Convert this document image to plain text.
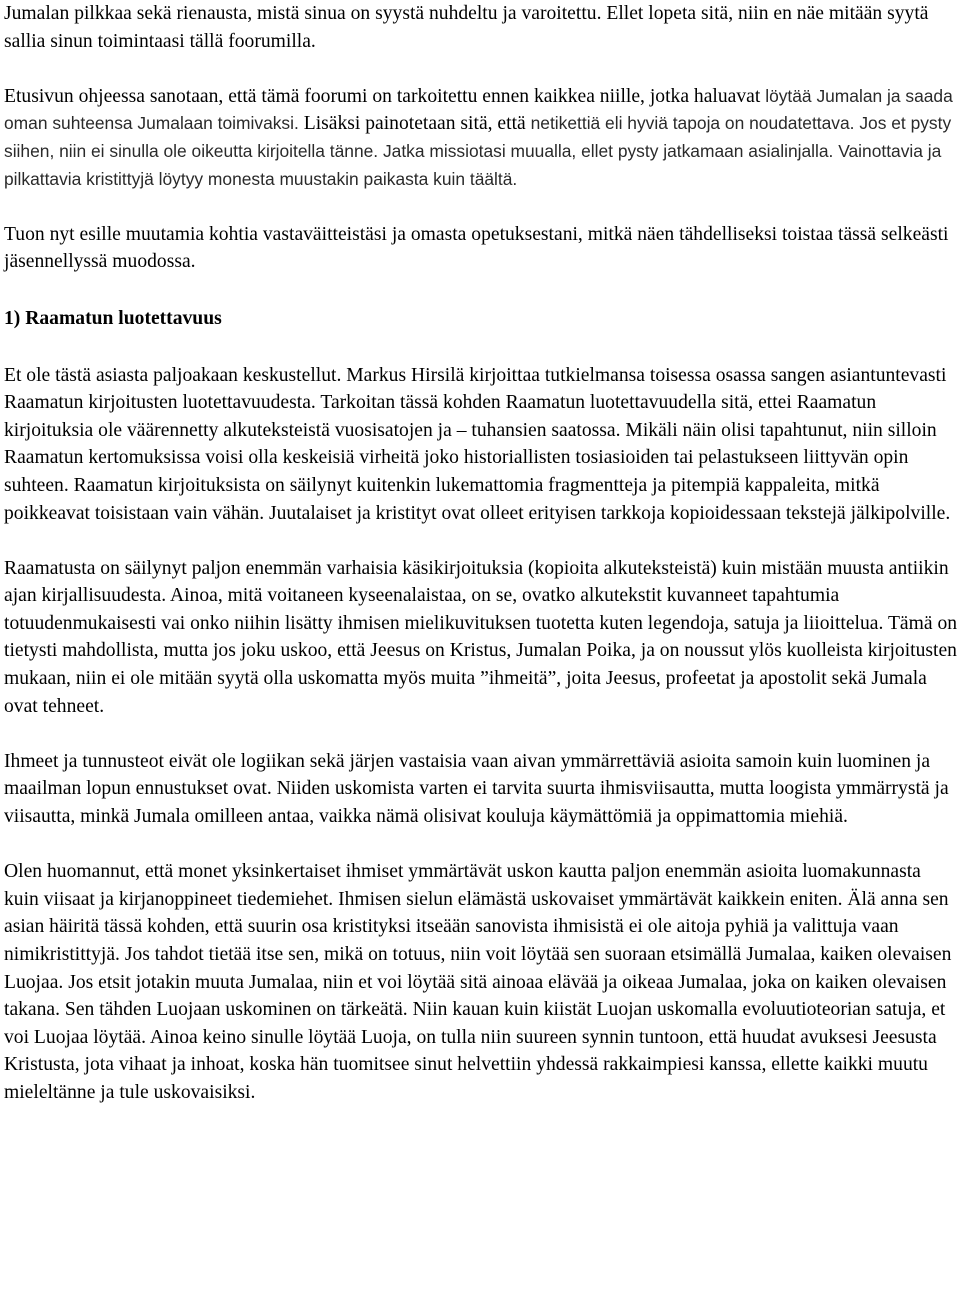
Jumalan pilkkaa sekä rienausta, mistä sinua on syystä nuhdeltu ja varoitettu. Ellet lopeta sitä, niin en näe mitään syytä sallia sinun toimintaasi tällä foorumilla.

Etusivun ohjeessa sanotaan, että tämä foorumi on tarkoitettu ennen kaikkea niille, jotka haluavat löytää Jumalan ja saada oman suhteensa Jumalaan toimivaksi. Lisäksi painotetaan sitä, että netikettiä eli hyviä tapoja on noudatettava. Jos et pysty siihen, niin ei sinulla ole oikeutta kirjoitella tänne. Jatka missiotasi muualla, ellet pysty jatkamaan asialinjalla. Vainottavia ja pilkattavia kristittyjä löytyy monesta muustakin paikasta kuin täältä.

Tuon nyt esille muutamia kohtia vastaväitteistäsi ja omasta opetuksestani, mitkä näen tähdelliseksi toistaa tässä selkeästi jäsennellyssä muodossa.

1) Raamatun luotettavuus

Et ole tästä asiasta paljoakaan keskustellut. Markus Hirsilä kirjoittaa tutkielmansa toisessa osassa sangen asiantuntevasti Raamatun kirjoitusten luotettavuudesta. Tarkoitan tässä kohden Raamatun luotettavuudella sitä, ettei Raamatun kirjoituksia ole väärennetty alkuteksteistä vuosisatojen ja – tuhansien saatossa. Mikäli näin olisi tapahtunut, niin silloin Raamatun kertomuksissa voisi olla keskeisiä virheitä joko historiallisten tosiasioiden tai pelastukseen liittyvän opin suhteen. Raamatun kirjoituksista on säilynyt kuitenkin lukemattomia fragmentteja ja pitempiä kappaleita, mitkä poikkeavat toisistaan vain vähän. Juutalaiset ja kristityt ovat olleet erityisen tarkkoja kopioidessaan tekstejä jälkipolville.

Raamatusta on säilynyt paljon enemmän varhaisia käsikirjoituksia (kopioita alkuteksteistä) kuin mistään muusta antiikin ajan kirjallisuudesta. Ainoa, mitä voitaneen kyseenalaistaa, on se, ovatko alkutekstit kuvanneet tapahtumia totuudenmukaisesti vai onko niihin lisätty ihmisen mielikuvituksen tuotetta kuten legendoja, satuja ja liioittelua. Tämä on tietysti mahdollista, mutta jos joku uskoo, että Jeesus on Kristus, Jumalan Poika, ja on noussut ylös kuolleista kirjoitusten mukaan, niin ei ole mitään syytä olla uskomatta myös muita ”ihmeitä”, joita Jeesus, profeetat ja apostolit sekä Jumala ovat tehneet.

Ihmeet ja tunnusteot eivät ole logiikan sekä järjen vastaisia vaan aivan ymmärrettäviä asioita samoin kuin luominen ja maailman lopun ennustukset ovat. Niiden uskomista varten ei tarvita suurta ihmisviisautta, mutta loogista ymmärrystä ja viisautta, minkä Jumala omilleen antaa, vaikka nämä olisivat kouluja käymättömiä ja oppimattomia miehiä.

Olen huomannut, että monet yksinkertaiset ihmiset ymmärtävät uskon kautta paljon enemmän asioita luomakunnasta kuin viisaat ja kirjanoppineet tiedemiehet. Ihmisen sielun elämästä uskovaiset ymmärtävät kaikkein eniten. Älä anna sen asian häiritä tässä kohden, että suurin osa kristityksi itseään sanovista ihmisistä ei ole aitoja pyhiä ja valittuja vaan nimikristittyjä. Jos tahdot tietää itse sen, mikä on totuus, niin voit löytää sen suoraan etsimällä Jumalaa, kaiken olevaisen Luojaa. Jos etsit jotakin muuta Jumalaa, niin et voi löytää sitä ainoaa elävää ja oikeaa Jumalaa, joka on kaiken olevaisen takana. Sen tähden Luojaan uskominen on tärkeätä. Niin kauan kuin kiistät Luojan uskomalla evoluutioteorian satuja, et voi Luojaa löytää. Ainoa keino sinulle löytää Luoja, on tulla niin suureen synnin tuntoon, että huudat avuksesi Jeesusta Kristusta, jota vihaat ja inhoat, koska hän tuomitsee sinut helvettiin yhdessä rakkaimpiesi kanssa, ellette kaikki muutu mieleltänne ja tule uskovaisiksi.
